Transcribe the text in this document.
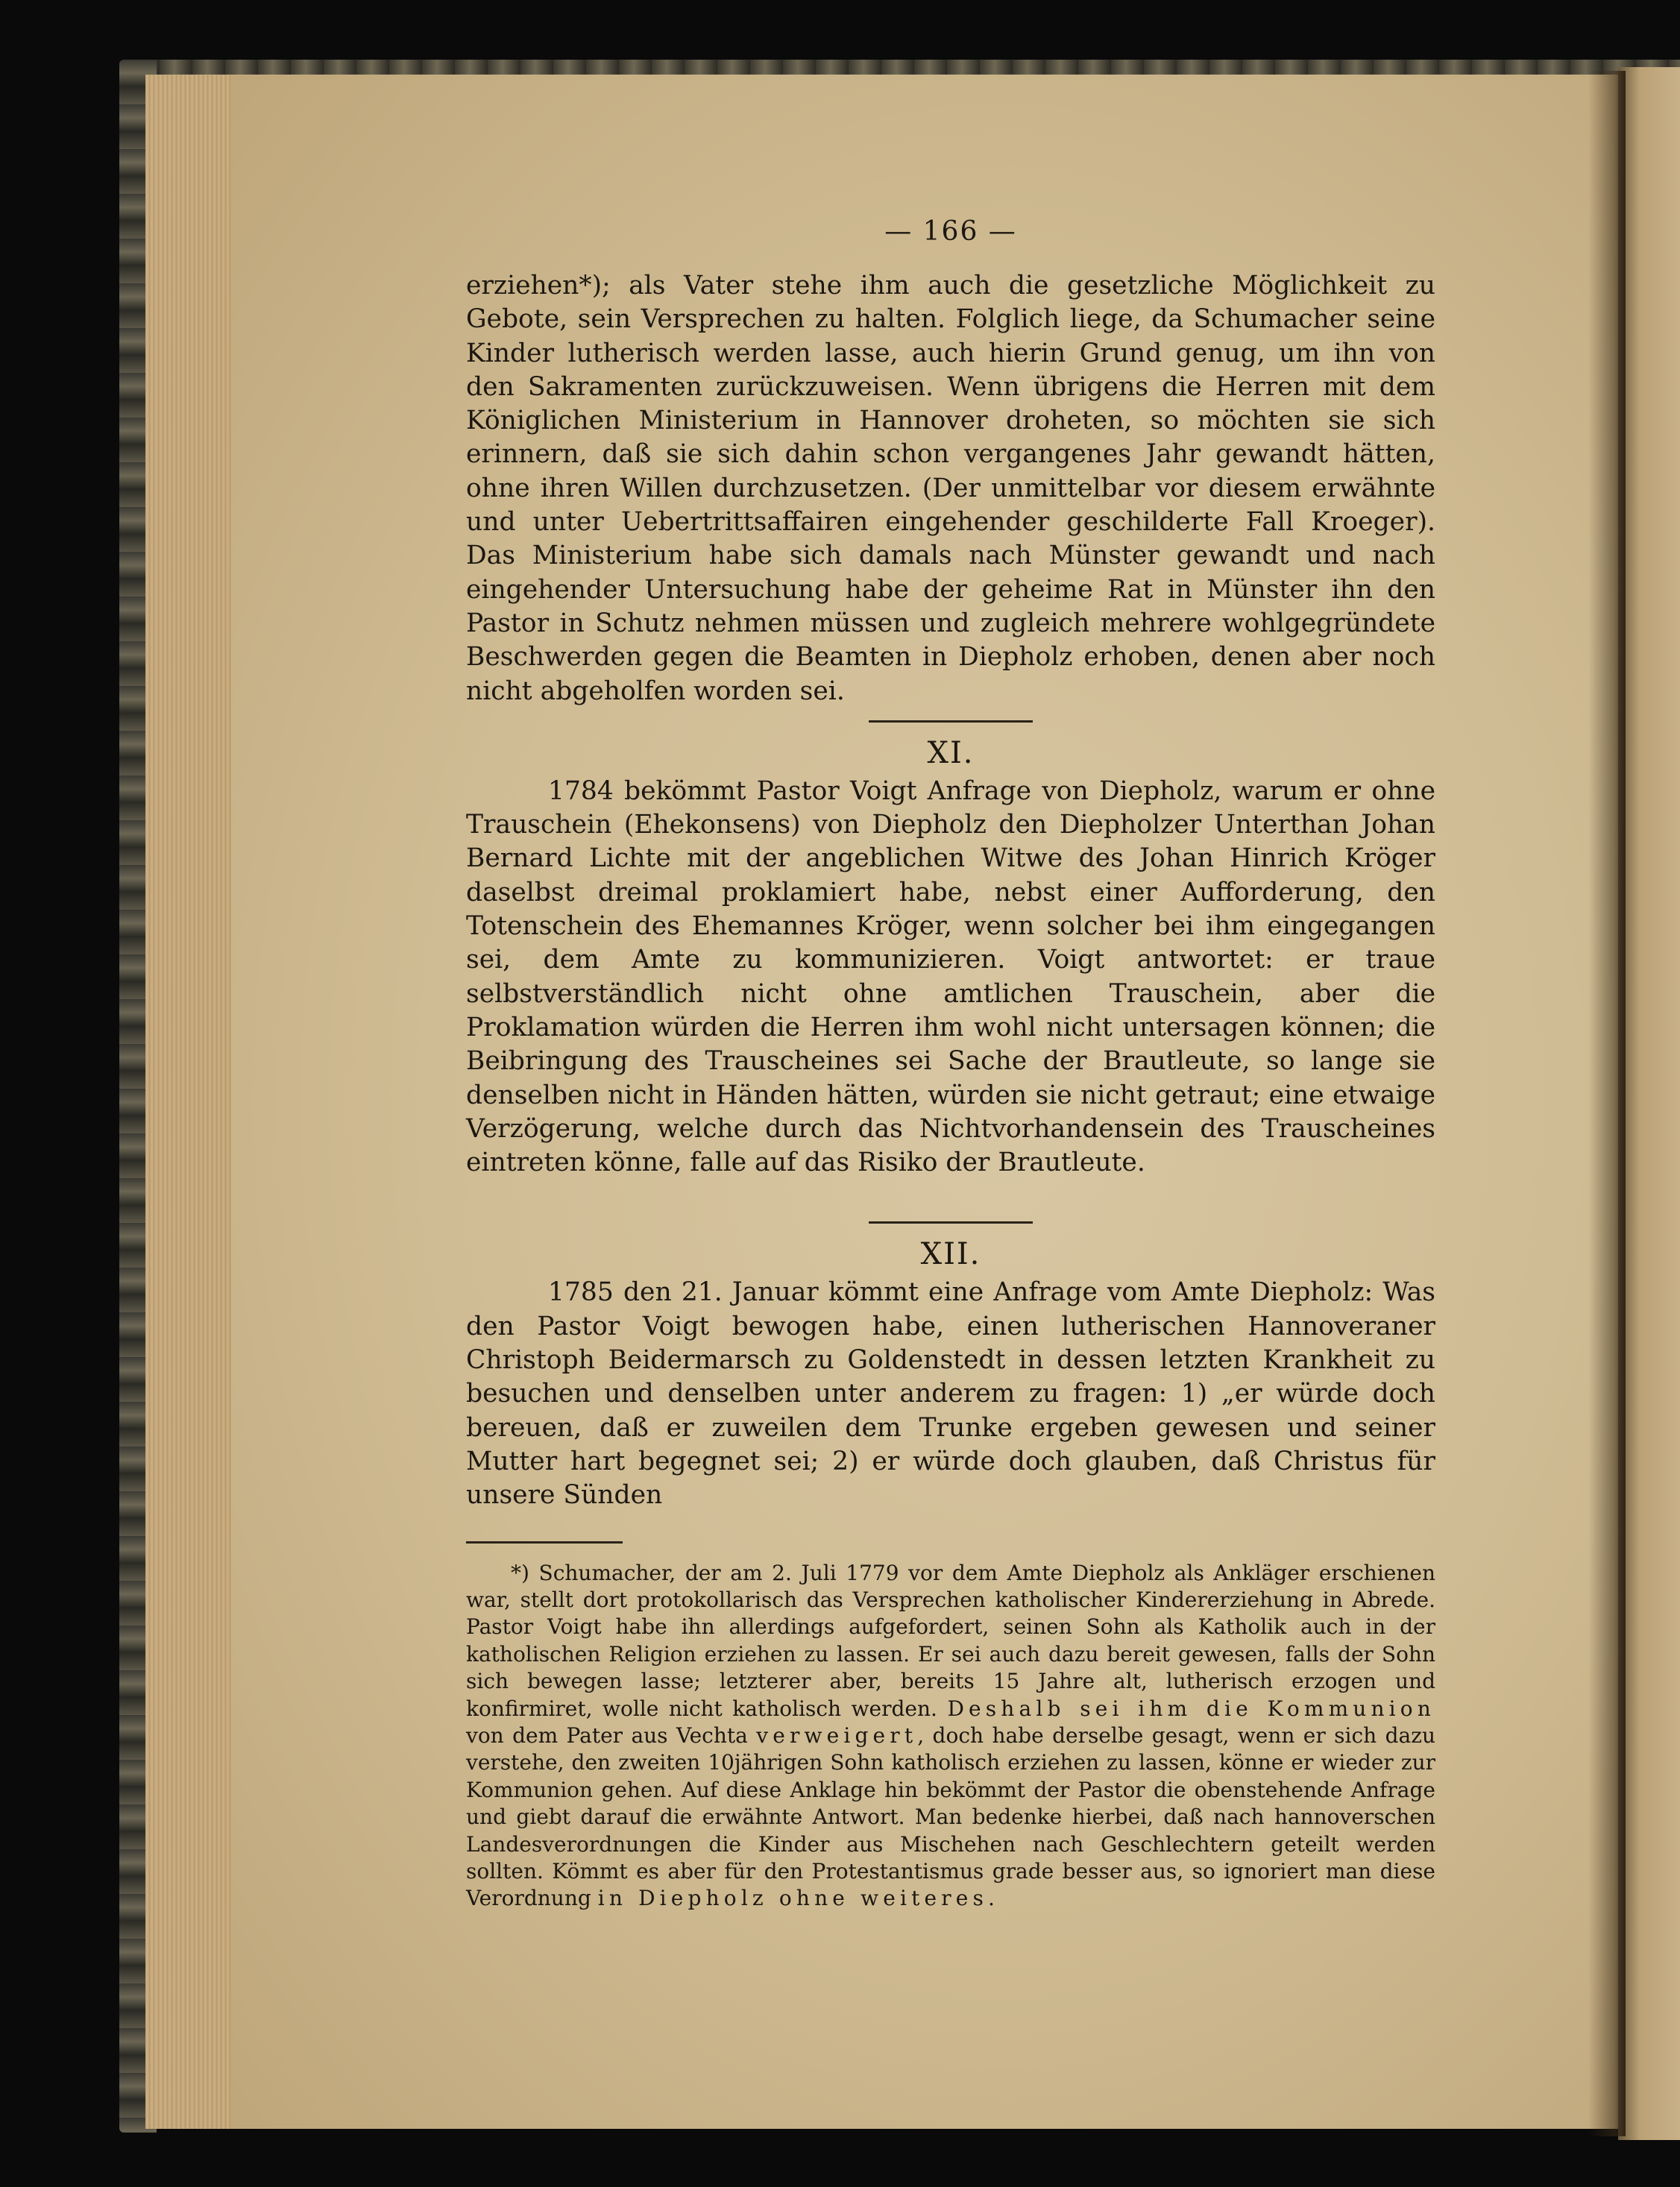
— 166 —

erziehen*); als Vater stehe ihm auch die gesetzliche Möglichkeit zu Gebote, sein Versprechen zu halten. Folglich liege, da Schumacher seine Kinder lutherisch werden lasse, auch hierin Grund genug, um ihn von den Sakramenten zurückzuweisen. Wenn übrigens die Herren mit dem Königlichen Ministerium in Hannover droheten, so möchten sie sich erinnern, daß sie sich dahin schon vergangenes Jahr gewandt hätten, ohne ihren Willen durchzusetzen. (Der unmittelbar vor diesem erwähnte und unter Uebertrittsaffairen eingehender geschilderte Fall Kroeger). Das Ministerium habe sich damals nach Münster gewandt und nach eingehender Untersuchung habe der geheime Rat in Münster ihn den Pastor in Schutz nehmen müssen und zugleich mehrere wohlgegründete Beschwerden gegen die Beamten in Diepholz erhoben, denen aber noch nicht abgeholfen worden sei.

XI.

1784 bekömmt Pastor Voigt Anfrage von Diepholz, warum er ohne Trauschein (Ehekonsens) von Diepholz den Diepholzer Unterthan Johan Bernard Lichte mit der angeblichen Witwe des Johan Hinrich Kröger daselbst dreimal proklamiert habe, nebst einer Aufforderung, den Totenschein des Ehemannes Kröger, wenn solcher bei ihm eingegangen sei, dem Amte zu kommunizieren. Voigt antwortet: er traue selbstverständlich nicht ohne amtlichen Trauschein, aber die Proklamation würden die Herren ihm wohl nicht untersagen können; die Beibringung des Trauscheines sei Sache der Brautleute, so lange sie denselben nicht in Händen hätten, würden sie nicht getraut; eine etwaige Verzögerung, welche durch das Nichtvorhandensein des Trauscheines eintreten könne, falle auf das Risiko der Brautleute.

XII.

1785 den 21. Januar kömmt eine Anfrage vom Amte Diepholz: Was den Pastor Voigt bewogen habe, einen lutherischen Hannoveraner Christoph Beidermarsch zu Goldenstedt in dessen letzten Krankheit zu besuchen und denselben unter anderem zu fragen: 1) „er würde doch bereuen, daß er zuweilen dem Trunke ergeben gewesen und seiner Mutter hart begegnet sei; 2) er würde doch glauben, daß Christus für unsere Sünden

*) Schumacher, der am 2. Juli 1779 vor dem Amte Diepholz als Ankläger erschienen war, stellt dort protokollarisch das Versprechen katholischer Kindererziehung in Abrede. Pastor Voigt habe ihn allerdings aufgefordert, seinen Sohn als Katholik auch in der katholischen Religion erziehen zu lassen. Er sei auch dazu bereit gewesen, falls der Sohn sich bewegen lasse; letzterer aber, bereits 15 Jahre alt, lutherisch erzogen und konfirmiret, wolle nicht katholisch werden. Deshalb sei ihm die Kommunion von dem Pater aus Vechta verweigert, doch habe derselbe gesagt, wenn er sich dazu verstehe, den zweiten 10jährigen Sohn katholisch erziehen zu lassen, könne er wieder zur Kommunion gehen. Auf diese Anklage hin bekömmt der Pastor die obenstehende Anfrage und giebt darauf die erwähnte Antwort. Man bedenke hierbei, daß nach hannoverschen Landesverordnungen die Kinder aus Mischehen nach Geschlechtern geteilt werden sollten. Kömmt es aber für den Protestantismus grade besser aus, so ignoriert man diese Verordnung in Diepholz ohne weiteres.
